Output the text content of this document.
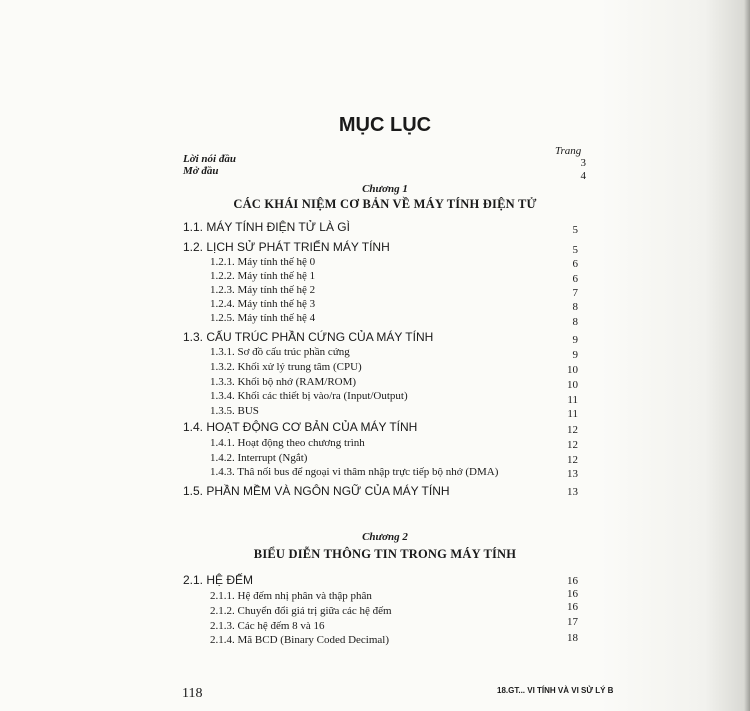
MỤC LỤC
Trang
Lời nói đầu	3
Mở đầu	4
Chương 1
CÁC KHÁI NIỆM CƠ BẢN VỀ MÁY TÍNH ĐIỆN TỬ
1.1. MÁY TÍNH ĐIỆN TỬ LÀ GÌ	5
1.2. LỊCH SỬ PHÁT TRIỂN MÁY TÍNH	5
1.2.1. Máy tính thế hệ 0	6
1.2.2. Máy tính thế hệ 1	6
1.2.3. Máy tính thế hệ 2	7
1.2.4. Máy tính thế hệ 3	8
1.2.5. Máy tính thế hệ 4	8
1.3. CẤU TRÚC PHẦN CỨNG CỦA MÁY TÍNH	9
1.3.1. Sơ đồ cấu trúc phần cứng	9
1.3.2. Khối xử lý trung tâm (CPU)	10
1.3.3. Khối bộ nhớ (RAM/ROM)	10
1.3.4. Khối các thiết bị vào/ra (Input/Output)	11
1.3.5. BUS	11
1.4. HOẠT ĐỘNG CƠ BẢN CỦA MÁY TÍNH	12
1.4.1. Hoạt động theo chương trình	12
1.4.2. Interrupt (Ngắt)	12
1.4.3. Thâ nối bus để ngoại vi thâm nhập trực tiếp bộ nhớ (DMA)	13
1.5. PHẦN MỀM VÀ NGÔN NGỮ CỦA MÁY TÍNH	13
Chương 2
BIỂU DIỄN THÔNG TIN TRONG MÁY TÍNH
2.1. HỆ ĐẾM	16
2.1.1. Hệ đếm nhị phân và thập phân	16
2.1.2. Chuyển đổi giá trị giữa các hệ đếm	16
2.1.3. Các hệ đếm 8 và 16	17
2.1.4. Mã BCD (Binary Coded Decimal)	18
118	18.GT... VI TÍNH VÀ VI SỬ LÝ B
